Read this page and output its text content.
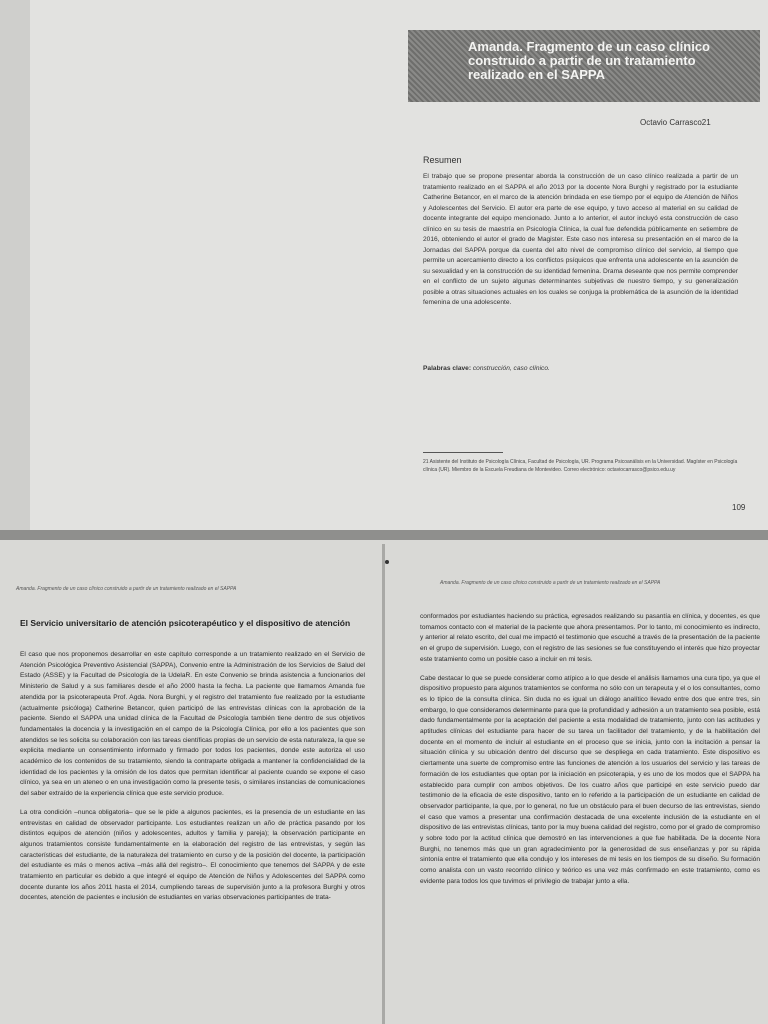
Amanda. Fragmento de un caso clínico construido a partir de un tratamiento realizado en el SAPPA
Octavio Carrasco21
Resumen
El trabajo que se propone presentar aborda la construcción de un caso clínico realizada a partir de un tratamiento realizado en el SAPPA el año 2013 por la docente Nora Burghi y registrado por la estudiante Catherine Betancor, en el marco de la atención brindada en ese tiempo por el equipo de Atención de Niños y Adolescentes del Servicio. El autor era parte de ese equipo, y tuvo acceso al material en su calidad de docente integrante del equipo mencionado. Junto a lo anterior, el autor incluyó esta construcción de caso clínico en su tesis de maestría en Psicología Clínica, la cual fue defendida públicamente en setiembre de 2016, obteniendo el autor el grado de Magister. Este caso nos interesa su presentación en el marco de la Jornadas del SAPPA porque da cuenta del alto nivel de compromiso clínico del servicio, al tiempo que permite un acercamiento directo a los conflictos psíquicos que enfrenta una adolescente en la asunción de su sexualidad y en la construcción de su identidad femenina. Drama deseante que nos permite comprender en el conflicto de un sujeto algunas determinantes subjetivas de nuestro tiempo, y su generalización posible a otras situaciones actuales en los cuales se conjuga la problemática de la asunción de la identidad femenina de una adolescente.
Palabras clave: construcción, caso clínico.
21 Asistente del Instituto de Psicología Clínica, Facultad de Psicología, UR. Programa Psicoanálisis en la Universidad. Magíster en Psicología clínica (UR). Miembro de la Escuela Freudiana de Montevideo. Correo electrónico: octaviocarrasco@psico.edu.uy
109
Amanda. Fragmento de un caso clínico construido a partir de un tratamiento realizado en el SAPPA
Amanda. Fragmento de un caso clínico construido a partir de un tratamiento realizado en el SAPPA
El Servicio universitario de atención psicoterapéutico y el dispositivo de atención

El caso que nos proponemos desarrollar en este capítulo corresponde a un tratamiento realizado en el Servicio de Atención Psicológica Preventivo Asistencial (SAPPA), Convenio entre la Administración de los Servicios de Salud del Estado (ASSE) y la Facultad de Psicología de la UdelaR. En este Convenio se brinda asistencia a funcionarios del Ministerio de Salud y a sus familiares desde el año 2000 hasta la fecha. La paciente que llamamos Amanda fue atendida por la psicoterapeuta Prof. Agda. Nora Burghi, y el registro del tratamiento fue realizado por la estudiante (actualmente psicóloga) Catherine Betancor, quien participó de las entrevistas clínicas con la aprobación de la paciente. Siendo el SAPPA una unidad clínica de la Facultad de Psicología también tiene dentro de sus objetivos fundamentales la docencia y la investigación en el campo de la Psicología Clínica, por ello a los pacientes que son atendidos se les solicita su colaboración con las tareas científicas propias de un servicio de esta naturaleza, la que se explicita mediante un consentimiento informado y firmado por todos los pacientes, donde este autoriza el uso académico de los contenidos de su tratamiento, siendo la contraparte obligada a mantener la confidencialidad de la identidad de los pacientes y la omisión de los datos que permitan identificar al paciente cuando se expone el caso clínico, ya sea en un ateneo o en una investigación como la presente tesis, o similares instancias de comunicaciones del saber extraído de la experiencia clínica que este servicio produce.

La otra condición –nunca obligatoria– que se le pide a algunos pacientes, es la presencia de un estudiante en las entrevistas en calidad de observador participante. Los estudiantes realizan un año de práctica pasando por los distintos equipos de atención (niños y adolescentes, adultos y familia y pareja); la observación participante en algunos tratamientos consiste fundamentalmente en la elaboración del registro de las entrevistas, y según las características del estudiante, de la naturaleza del tratamiento en curso y de la posición del docente, la participación del estudiante es más o menos activa –más allá del registro–. El conocimiento que tenemos del SAPPA y de este tratamiento en particular es debido a que integré el equipo de Atención de Niños y Adolescentes del SAPPA como docente durante los años 2011 hasta el 2014, cumpliendo tareas de supervisión junto a la profesora Burghi y otros docentes, atención de pacientes e inclusión de estudiantes en varias observaciones participantes de trata-

conformados por estudiantes haciendo su práctica, egresados realizando su pasantía en clínica, y docentes, es que tomamos contacto con el material de la paciente que ahora presentamos. Por lo tanto, mi conocimiento es indirecto, y anterior al relato escrito, del cual me impactó el testimonio que escuché a través de la presentación de la paciente en el grupo de supervisión. Luego, con el registro de las sesiones se fue constituyendo el interés que hizo proyectar este tratamiento como un posible caso a incluir en mi tesis.

Cabe destacar lo que se puede considerar como atípico a lo que desde el análisis llamamos una cura tipo, ya que el dispositivo propuesto para algunos tratamientos se conforma no sólo con un terapeuta y el o los consultantes, como es lo típico de la consulta clínica. Sin duda no es igual un diálogo analítico llevado entre dos que entre tres, sin embargo, lo que consideramos determinante para que la profundidad y adhesión a un tratamiento sea posible, está dado fundamentalmente por la aceptación del paciente a esta modalidad de tratamiento, junto con las actitudes y aptitudes clínicas del estudiante para hacer de su tarea un facilitador del tratamiento, y de la habilitación del docente en el momento de incluir al estudiante en el proceso que se inicia, junto con la incitación a pensar la situación clínica y su ubicación dentro del discurso que se despliega en cada tratamiento. Este dispositivo es ciertamente una suerte de compromiso entre las funciones de atención a los usuarios del servicio y las tareas de formación de los estudiantes que optan por la iniciación en psicoterapia, y es uno de los modos que el SAPPA ha establecido para cumplir con ambos objetivos. De los cuatro años que participé en este servicio puedo dar testimonio de la eficacia de este dispositivo, tanto en lo referido a la participación de un estudiante en calidad de observador participante, la que, por lo general, no fue un obstáculo para el buen decurso de las entrevistas, siendo el caso que vamos a presentar una confirmación destacada de una excelente inclusión de la estudiante en el dispositivo de las entrevistas clínicas, tanto por la muy buena calidad del registro, como por el grado de compromiso y sobre todo por la actitud clínica que demostró en las intervenciones a que fue habilitada. De la docente Nora Burghi, no tenemos más que un gran agradecimiento por la generosidad de sus enseñanzas y por su rápida sintonía entre el tratamiento que ella condujo y los intereses de mi tesis en los tiempos de su diseño. Su formación como analista con un vasto recorrido clínico y teórico es una vez más confirmado en este tratamiento, como es evidente para todos los que tuvimos el privilegio de trabajar junto a ella.
